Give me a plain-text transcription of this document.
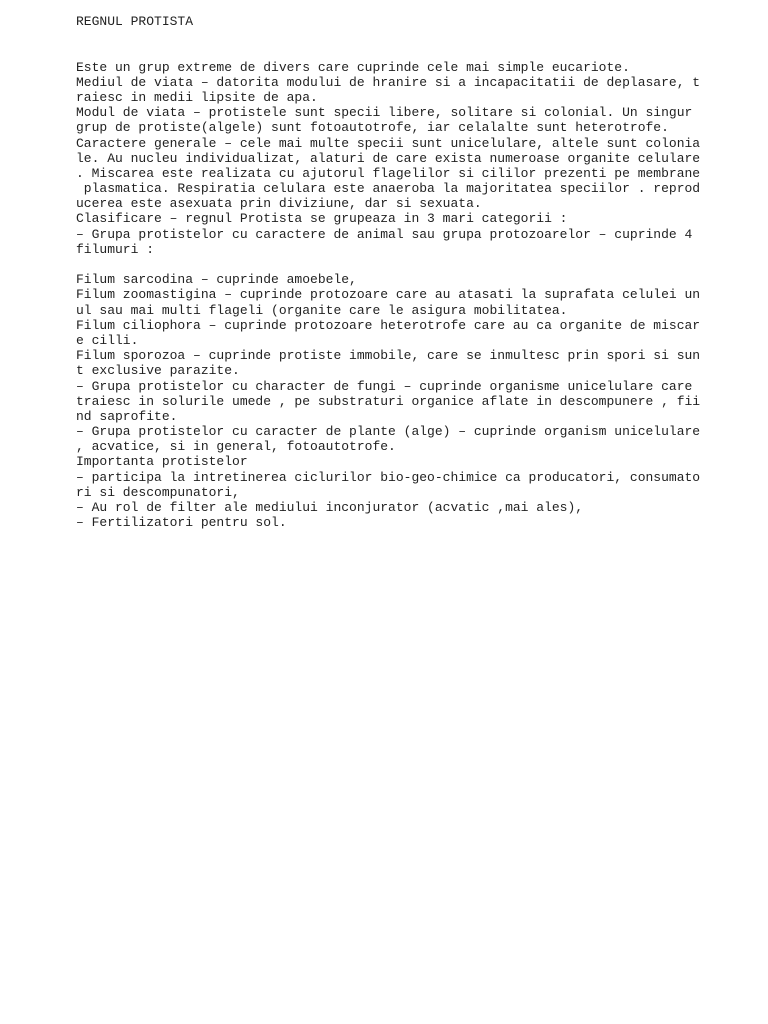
REGNUL PROTISTA
Este un grup extreme de divers care cuprinde cele mai simple eucariote.
Mediul de viata – datorita modului de hranire si a incapacitatii de deplasare, t
raiesc in medii lipsite de apa.
Modul de viata – protistele sunt specii libere, solitare si colonial. Un singur
grup de protiste(algele) sunt fotoautotrofe, iar celalalte sunt heterotrofe.
Caractere generale – cele mai multe specii sunt unicelulare, altele sunt colonia
le. Au nucleu individualizat, alaturi de care exista numeroase organite celulare
. Miscarea este realizata cu ajutorul flagelilor si cililor prezenti pe membrane
plasmatica. Respiratia celulara este anaeroba la majoritatea speciilor . reprod
ucerea este asexuata prin diviziune, dar si sexuata.
Clasificare – regnul Protista se grupeaza in 3 mari categorii :
– Grupa protistelor cu caractere de animal sau grupa protozoarelor – cuprinde 4
filumuri :
Filum sarcodina – cuprinde amoebele,
Filum zoomastigina – cuprinde protozoare care au atasati la suprafata celulei un
ul sau mai multi flageli (organite care le asigura mobilitatea.
Filum ciliophora – cuprinde protozoare heterotrofe care au ca organite de miscar
e cilli.
Filum sporozoa – cuprinde protiste immobile, care se inmultesc prin spori si sun
t exclusive parazite.
– Grupa protistelor cu character de fungi – cuprinde organisme unicelulare care
traiesc in solurile umede , pe substraturi organice aflate in descompunere , fii
nd saprofite.
– Grupa protistelor cu caracter de plante (alge) – cuprinde organism unicelulare
, acvatice, si in general, fotoautotrofe.
Importanta protistelor
– participa la intretinerea ciclurilor bio-geo-chimice ca producatori, consumato
ri si descompunatori,
– Au rol de filter ale mediului inconjurator (acvatic ,mai ales),
– Fertilizatori pentru sol.
